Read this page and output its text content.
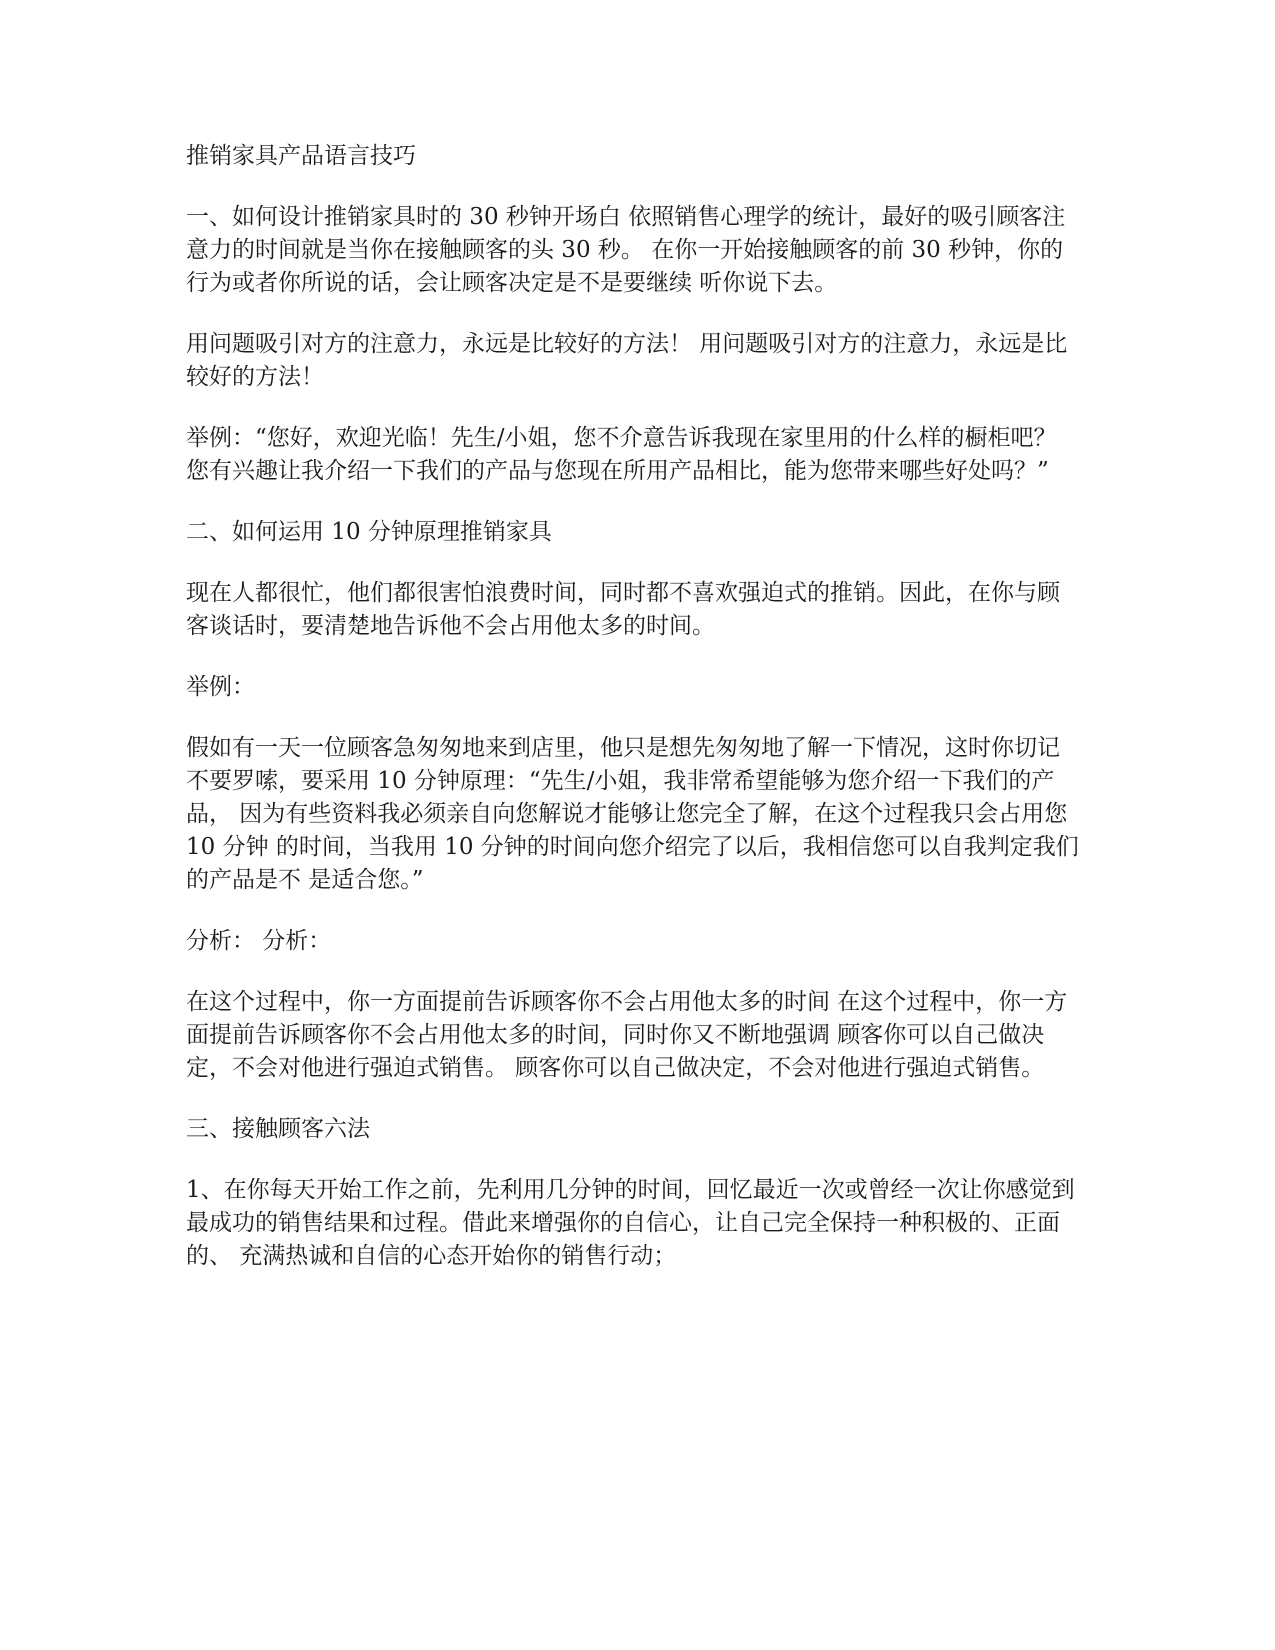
推销家具产品语言技巧

一、如何设计推销家具时的 30 秒钟开场白 依照销售心理学的统计，最好的吸引顾客注意力的时间就是当你在接触顾客的头 30 秒。 在你一开始接触顾客的前 30 秒钟，你的行为或者你所说的话，会让顾客决定是不是要继续 听你说下去。

用问题吸引对方的注意力，永远是比较好的方法！ 用问题吸引对方的注意力，永远是比较好的方法！

举例：“您好，欢迎光临！先生/小姐，您不介意告诉我现在家里用的什么样的橱柜吧？ 您有兴趣让我介绍一下我们的产品与您现在所用产品相比，能为您带来哪些好处吗？”

二、如何运用 10 分钟原理推销家具

现在人都很忙，他们都很害怕浪费时间，同时都不喜欢强迫式的推销。因此，在你与顾 客谈话时，要清楚地告诉他不会占用他太多的时间。

举例：

假如有一天一位顾客急匆匆地来到店里，他只是想先匆匆地了解一下情况，这时你切记 不要罗嗦，要采用 10 分钟原理：“先生/小姐，我非常希望能够为您介绍一下我们的产品， 因为有些资料我必须亲自向您解说才能够让您完全了解，在这个过程我只会占用您 10 分钟 的时间，当我用 10 分钟的时间向您介绍完了以后，我相信您可以自我判定我们的产品是不 是适合您。”

分析： 分析：

在这个过程中，你一方面提前告诉顾客你不会占用他太多的时间 在这个过程中，你一方面提前告诉顾客你不会占用他太多的时间，同时你又不断地强调 顾客你可以自己做决定，不会对他进行强迫式销售。 顾客你可以自己做决定，不会对他进行强迫式销售。

三、接触顾客六法

1、在你每天开始工作之前，先利用几分钟的时间，回忆最近一次或曾经一次让你感觉到 最成功的销售结果和过程。借此来增强你的自信心，让自己完全保持一种积极的、正面的、 充满热诚和自信的心态开始你的销售行动；
